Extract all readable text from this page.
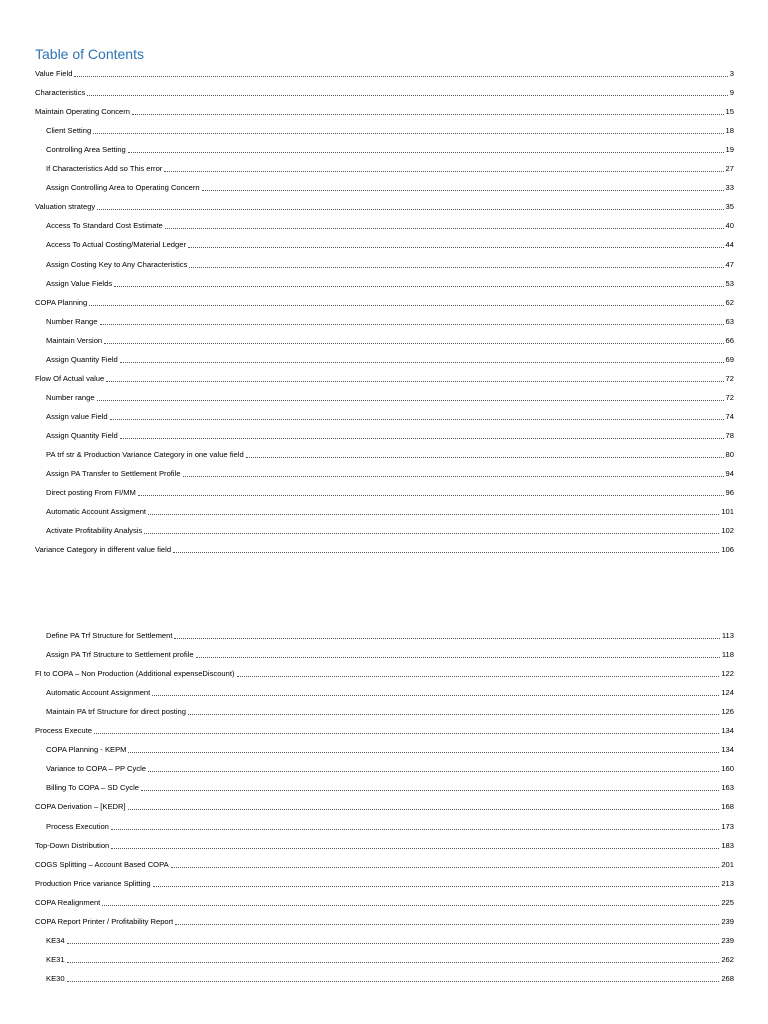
Table of Contents
Value Field	3
Characteristics	9
Maintain Operating Concern	15
Client Setting	18
Controlling Area Setting	19
If Characteristics Add so This error	27
Assign Controlling Area to Operating Concern	33
Valuation strategy	35
Access To Standard Cost Estimate	40
Access To Actual Costing/Material Ledger	44
Assign Costing Key to Any Characteristics	47
Assign Value Fields	53
COPA Planning	62
Number Range	63
Maintain Version	66
Assign Quantity Field	69
Flow Of Actual value	72
Number range	72
Assign value Field	74
Assign Quantity Field	78
PA trf str & Production Variance Category in one value field	80
Assign PA Transfer to Settlement Profile	94
Direct posting From FI/MM	96
Automatic Account Assigment	101
Activate Profitability Analysis	102
Variance Category in different value field	106
Define PA Trf Structure for Settlement	113
Assign PA Trf Structure to Settlement profile	118
FI to COPA – Non Production (Additional expenseDiscount)	122
Automatic Account Assignment	124
Maintain PA trf Structure for direct posting	126
Process Execute	134
COPA Planning - KEPM	134
Variance to COPA – PP Cycle	160
Billing To COPA – SD Cycle	163
COPA Derivation – [KEDR]	168
Process Execution	173
Top-Down Distribution	183
COGS Splitting – Account Based COPA	201
Production Price variance Splitting	213
COPA Realignment	225
COPA Report Printer / Profitability Report	239
KE34	239
KE31	262
KE30	268
